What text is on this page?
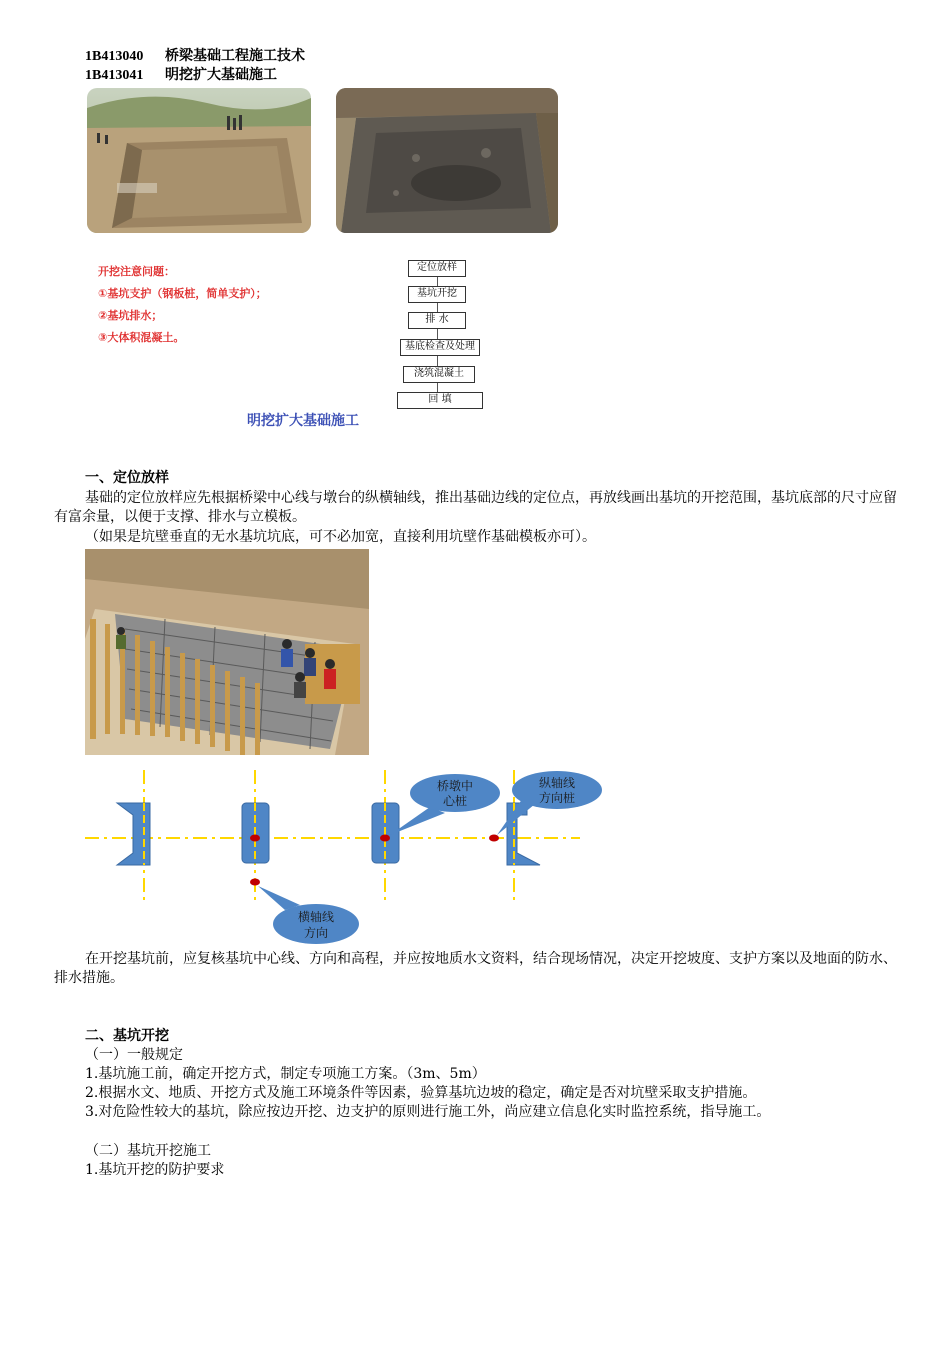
1B413040 桥梁基础工程施工技术
1B413041 明挖扩大基础施工
开挖注意问题：
①基坑支护（钢板桩，简单支护）；
②基坑排水；
③大体积混凝土。
定位放样
基坑开挖
排 水
基底检查及处理
浇筑混凝土
回 填
明挖扩大基础施工
一、定位放样
基础的定位放样应先根据桥梁中心线与墩台的纵横轴线，推出基础边线的定位点，再放线画出基坑的开挖范围，基坑底部的尺寸应留有富余量，以便于支撑、排水与立模板。
（如果是坑壁垂直的无水基坑坑底，可不必加宽，直接利用坑壁作基础模板亦可）。
桥墩中
心桩
纵轴线
方向桩
横轴线
方向
在开挖基坑前，应复核基坑中心线、方向和高程，并应按地质水文资料，结合现场情况，决定开挖坡度、支护方案以及地面的防水、排水措施。
二、基坑开挖
（一）一般规定
1.基坑施工前，确定开挖方式，制定专项施工方案。（3m、5m）
2.根据水文、地质、开挖方式及施工环境条件等因素，验算基坑边坡的稳定，确定是否对坑壁采取支护措施。
3.对危险性较大的基坑，除应按边开挖、边支护的原则进行施工外，尚应建立信息化实时监控系统，指导施工。
（二）基坑开挖施工
1.基坑开挖的防护要求
